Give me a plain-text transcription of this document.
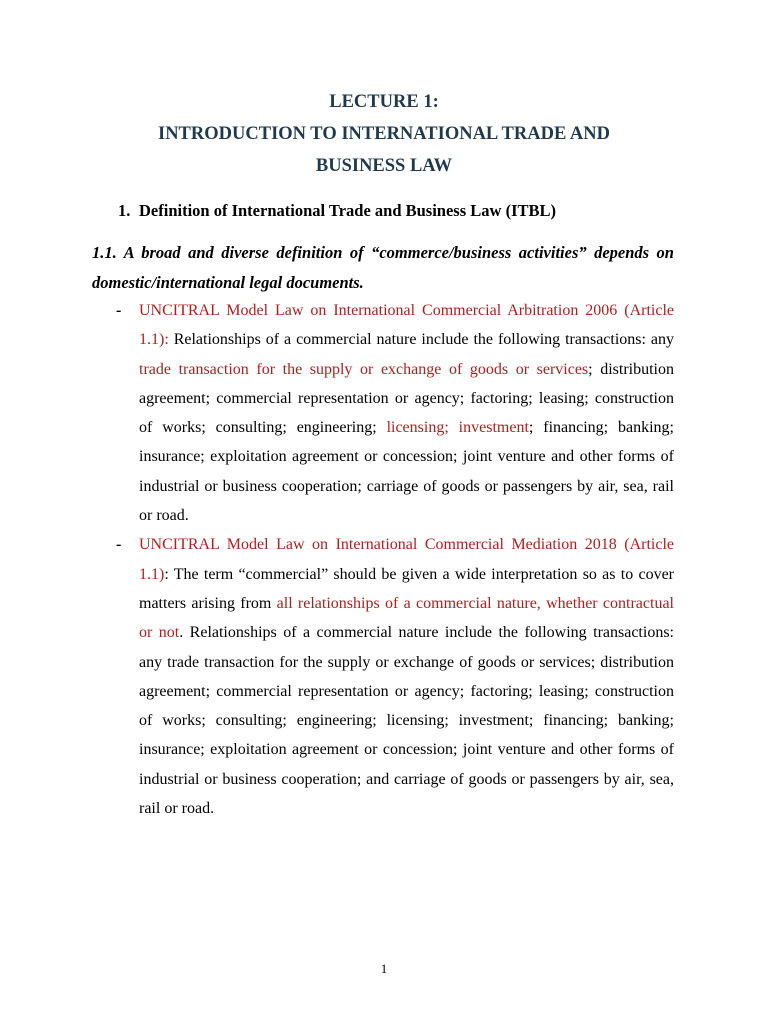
LECTURE 1:
INTRODUCTION TO INTERNATIONAL TRADE AND
BUSINESS LAW
1. Definition of International Trade and Business Law (ITBL)
1.1. A broad and diverse definition of “commerce/business activities” depends on domestic/international legal documents.
- UNCITRAL Model Law on International Commercial Arbitration 2006 (Article 1.1): Relationships of a commercial nature include the following transactions: any trade transaction for the supply or exchange of goods or services; distribution agreement; commercial representation or agency; factoring; leasing; construction of works; consulting; engineering; licensing; investment; financing; banking; insurance; exploitation agreement or concession; joint venture and other forms of industrial or business cooperation; carriage of goods or passengers by air, sea, rail or road.
- UNCITRAL Model Law on International Commercial Mediation 2018 (Article 1.1): The term “commercial” should be given a wide interpretation so as to cover matters arising from all relationships of a commercial nature, whether contractual or not. Relationships of a commercial nature include the following transactions: any trade transaction for the supply or exchange of goods or services; distribution agreement; commercial representation or agency; factoring; leasing; construction of works; consulting; engineering; licensing; investment; financing; banking; insurance; exploitation agreement or concession; joint venture and other forms of industrial or business cooperation; and carriage of goods or passengers by air, sea, rail or road.
1
